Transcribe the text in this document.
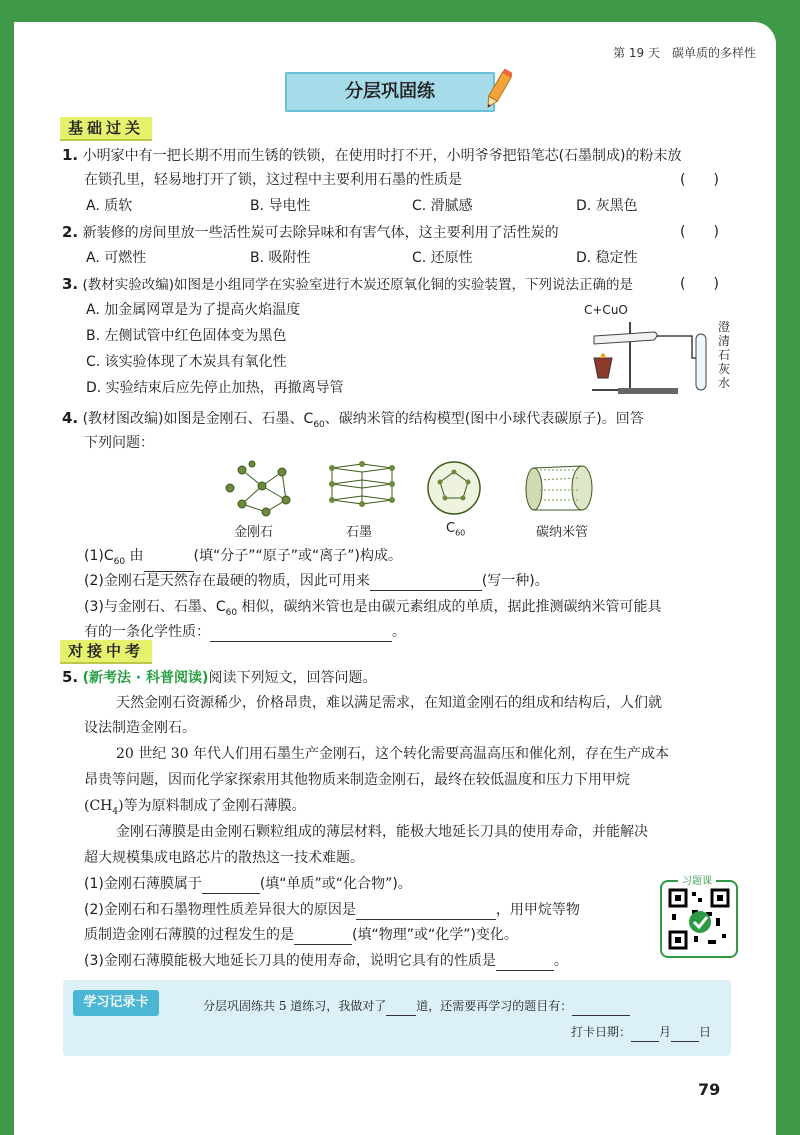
第 19 天 碳单质的多样性
分层巩固练
基础过关
1. 小明家中有一把长期不用而生锈的铁锁，在使用时打不开，小明爷爷把铅笔芯(石墨制成)的粉末放
在锁孔里，轻易地打开了锁，这过程中主要利用石墨的性质是	(　　)
A. 质软	B. 导电性	C. 滑腻感	D. 灰黑色
2. 新装修的房间里放一些活性炭可去除异味和有害气体，这主要利用了活性炭的	(　　)
A. 可燃性	B. 吸附性	C. 还原性	D. 稳定性
3. (教材实验改编)如图是小组同学在实验室进行木炭还原氧化铜的实验装置，下列说法正确的是	(　　)
A. 加金属网罩是为了提高火焰温度
B. 左侧试管中红色固体变为黑色
C. 该实验体现了木炭具有氧化性
D. 实验结束后应先停止加热，再撤离导管
C+CuO
澄清石灰水
4. (教材图改编)如图是金刚石、石墨、$C_{60}$、碳纳米管的结构模型(图中小球代表碳原子)。回答
下列问题：
金刚石	石墨	$C_{60}$	碳纳米管
$(1)C_{60}$ 由	(填“分子”“原子”或“离子”)构成。
(2)金刚石是天然存在最硬的物质，因此可用来	(写一种)。
(3)与金刚石、石墨、$C_{60}$ 相似，碳纳米管也是由碳元素组成的单质，据此推测碳纳米管可能具
有的一条化学性质：	。
对接中考
5. (新考法 · 科普阅读)阅读下列短文，回答问题。
天然金刚石资源稀少，价格昂贵，难以满足需求，在知道金刚石的组成和结构后，人们就
设法制造金刚石。
20 世纪 30 年代人们用石墨生产金刚石，这个转化需要高温高压和催化剂，存在生产成本
昂贵等问题，因而化学家探索用其他物质来制造金刚石，最终在较低温度和压力下用甲烷
$(CH_4)$等为原料制成了金刚石薄膜。
金刚石薄膜是由金刚石颗粒组成的薄层材料，能极大地延长刀具的使用寿命，并能解决
超大规模集成电路芯片的散热这一技术难题。
(1)金刚石薄膜属于	(填“单质”或“化合物”)。
(2)金刚石和石墨物理性质差异很大的原因是	，用甲烷等物
质制造金刚石薄膜的过程发生的是	(填“物理”或“化学”)变化。
(3)金刚石薄膜能极大地延长刀具的使用寿命，说明它具有的性质是	。
习题课
学习记录卡	分层巩固练共 5 道练习，我做对了	道，还需要再学习的题目有：
打卡日期： 月 日
79
